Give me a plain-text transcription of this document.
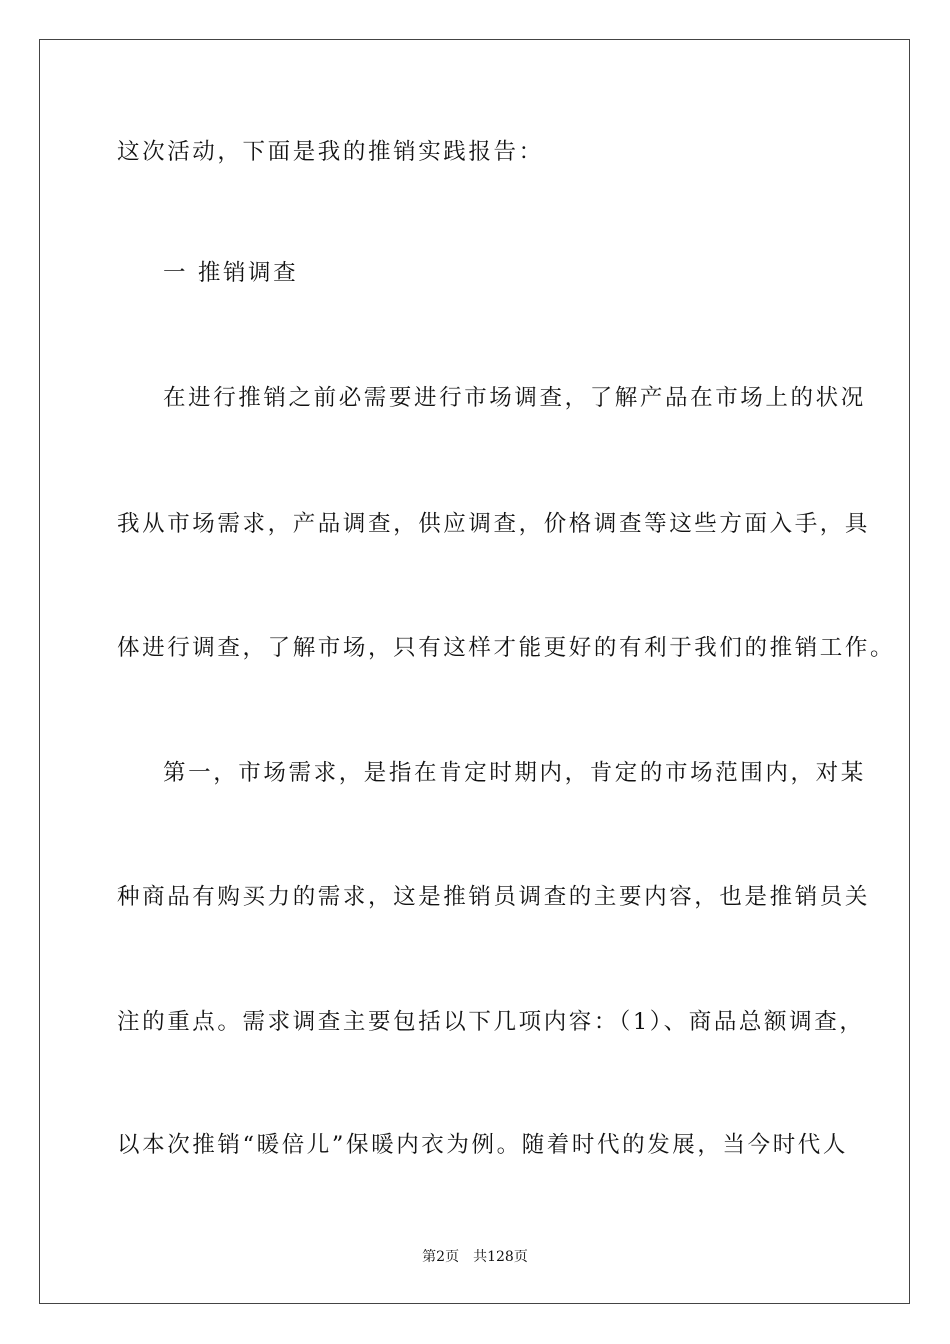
这次活动，下面是我的推销实践报告：
一 推销调查
在进行推销之前必需要进行市场调查，了解产品在市场上的状况
我从市场需求，产品调查，供应调查，价格调查等这些方面入手，具
体进行调查，了解市场，只有这样才能更好的有利于我们的推销工作。
第一，市场需求，是指在肯定时期内，肯定的市场范围内，对某
种商品有购买力的需求，这是推销员调查的主要内容，也是推销员关
注的重点。需求调查主要包括以下几项内容：（1）、商品总额调查，
以本次推销“暖倍儿”保暖内衣为例。随着时代的发展，当今时代人
第2页 共128页
